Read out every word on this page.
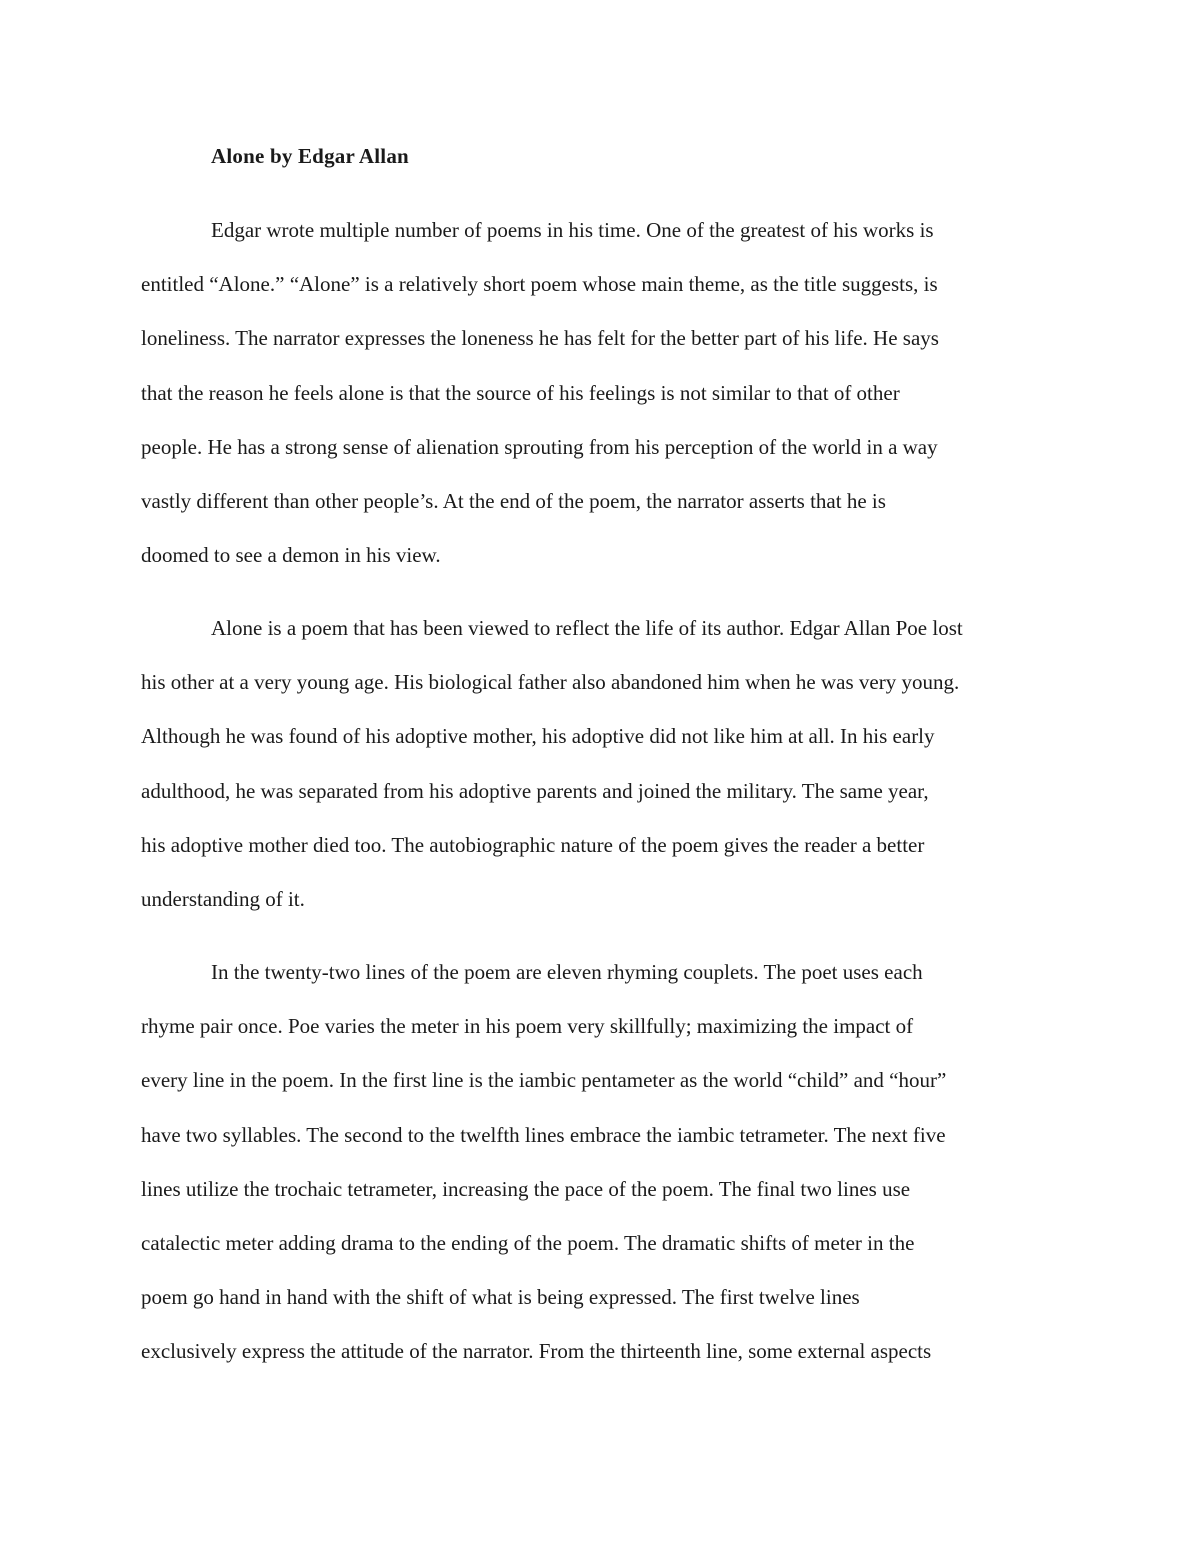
Alone by Edgar Allan

Edgar wrote multiple number of poems in his time. One of the greatest of his works is
entitled “Alone.” “Alone” is a relatively short poem whose main theme, as the title suggests, is
loneliness. The narrator expresses the loneness he has felt for the better part of his life. He says
that the reason he feels alone is that the source of his feelings is not similar to that of other
people. He has a strong sense of alienation sprouting from his perception of the world in a way
vastly different than other people’s. At the end of the poem, the narrator asserts that he is
doomed to see a demon in his view.

Alone is a poem that has been viewed to reflect the life of its author. Edgar Allan Poe lost
his other at a very young age. His biological father also abandoned him when he was very young.
Although he was found of his adoptive mother, his adoptive did not like him at all. In his early
adulthood, he was separated from his adoptive parents and joined the military. The same year,
his adoptive mother died too. The autobiographic nature of the poem gives the reader a better
understanding of it.

In the twenty-two lines of the poem are eleven rhyming couplets. The poet uses each
rhyme pair once. Poe varies the meter in his poem very skillfully; maximizing the impact of
every line in the poem. In the first line is the iambic pentameter as the world “child” and “hour”
have two syllables. The second to the twelfth lines embrace the iambic tetrameter. The next five
lines utilize the trochaic tetrameter, increasing the pace of the poem. The final two lines use
catalectic meter adding drama to the ending of the poem. The dramatic shifts of meter in the
poem go hand in hand with the shift of what is being expressed. The first twelve lines
exclusively express the attitude of the narrator. From the thirteenth line, some external aspects
